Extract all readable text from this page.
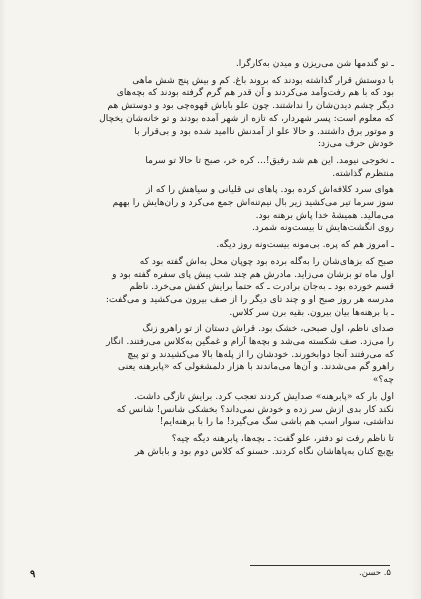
ـ تو گندمها شن می‌ریزن و میدن به‌کارگرا.
با دوستش قرار گذاشته بودند که بروند باغ. کم و بیش پنج شش ماهی
بود که با هم رفت‌وآمد می‌کردند و آن قدر هم گرم گرفته بودند که بچه‌های
دیگر چشم دیدن‌شان را نداشتند. چون علو باباش قهوه‌چی بود و دوستش هم
که معلوم است: پسر شهردار، که تازه از شهر آمده بودند و تو خانه‌شان یخچال
و موتور برق داشتند. و حالا علو از آمدنش ناامید شده بود و بی‌قرار با
خودش حرف می‌زد:
ـ نخوجی نیومد. این هم شد رفیق!... کره خر، صبح تا حالا تو سرما
منتظرم گذاشته.
هوای سرد کلافه‌اش کرده بود. پاهای نی قلیانی و سیاهش را که از
سوز سرما تیر می‌کشید زیر بال نیم‌تنه‌اش جمع می‌کرد و ران‌هایش را بههم
می‌مالید. همیشهٔ خدا پاش برهنه بود.
روی انگشت‌هایش تا بیست‌ونه شمرد.
ـ امروز هم که پره. بی‌مونه بیست‌ونه روز دیگه.
صبح که بزهای‌شان را به‌گله برده بود چوپان محل به‌اش گفته بود که
اول ماه تو بزشان می‌زاید. مادرش هم چند شب پیش پای سفره گفته بود و
قسم خورده بود ـ به‌جان برادرت ـ که حتماً برایش کفش می‌خرد. ناظم
مدرسه هر روز صبح او و چند تای دیگر را از صف بیرون می‌کشید و می‌گفت:
ـ با برهنه‌ها بیان بیرون. بقیه برن سر کلاس.
صدای ناظم، اول صبحی، خشک بود. قراش دستان از تو راهرو زنگ
را می‌زد. صف شکسته می‌شد و بچه‌ها آرام و غمگین به‌کلاس می‌رفتند. انگار
که می‌رفتند آنجا دوابخورند. خودشان را از پله‌ها بالا می‌کشیدند و تو پیچ
راهرو گم می‌شدند. و آن‌ها می‌ماندند با هزار دلمشغولی که «پابرهنه یعنی
چه؟»
اول بار که «پابرهنه» صدایش کردند تعجب کرد. برایش تازگی داشت.
نکند کار بدی ازش سر زده و خودش نمی‌داند؟ بخشکی شانس! شانس که
نداشتی، سوار اسب هم باشی سگ می‌گیرد! ما را با برهنه‌ایم!
تا ناظم رفت تو دفتر، علو گفت: ـ بچه‌ها، پابرهنه دیگه چیه؟
بچ‌بچ کنان به‌پاهاشان نگاه کردند. حسنو که کلاس دوم بود و باباش هر
۵. حسن.
۹
